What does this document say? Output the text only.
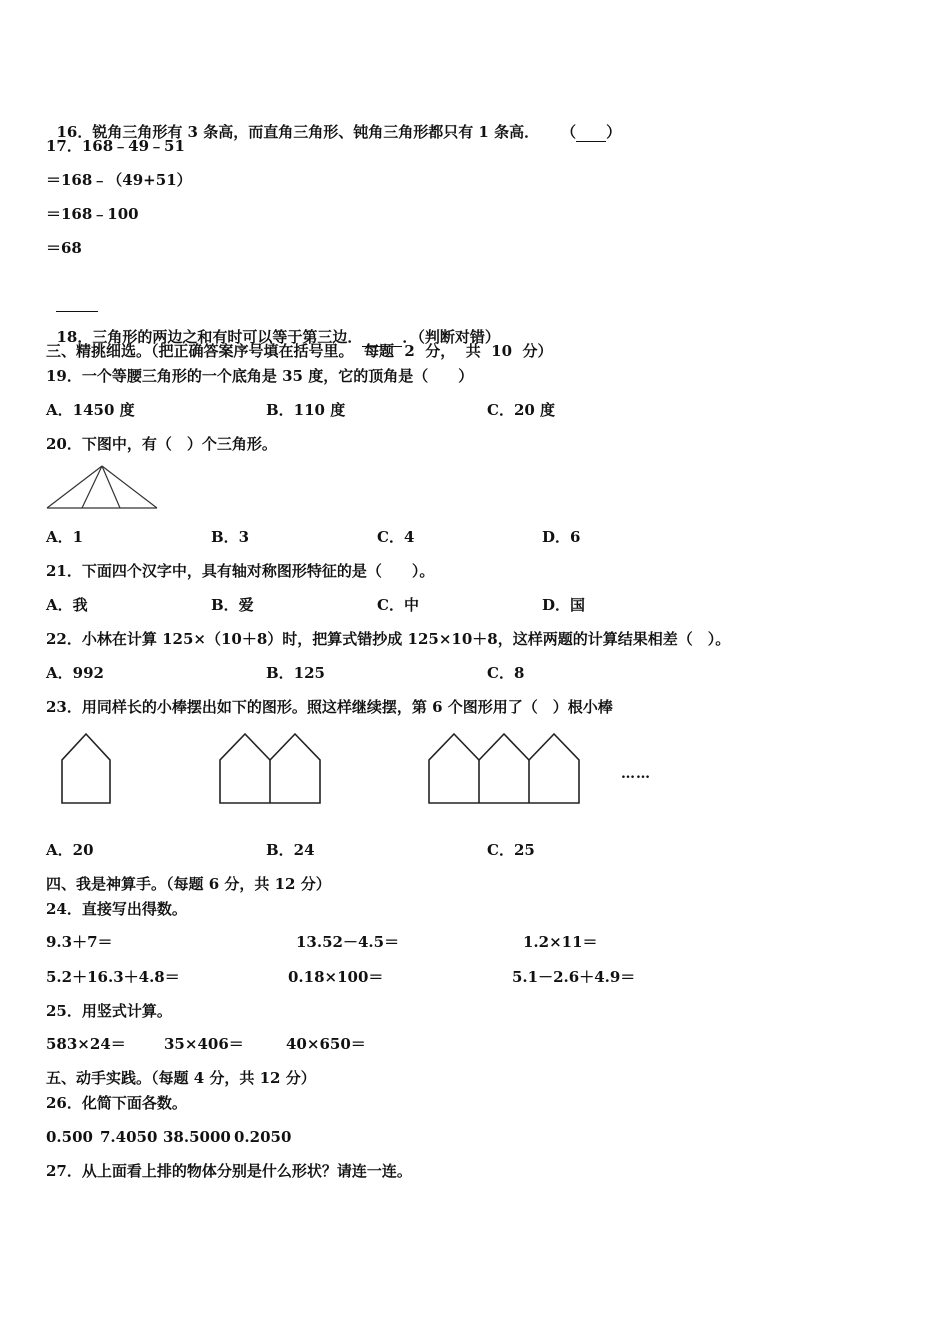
16．锐角三角形有 3 条高，而直角三角形、钝角三角形都只有 1 条高． （ ）

17．168﹣49﹣51
＝168﹣（49+51）
＝168﹣100
＝68

18．三角形的两边之和有时可以等于第三边．	．（判断对错）

三、精挑细选。（把正确答案序号填在括号里。  每题  2  分，  共  10  分）
19．一个等腰三角形的一个底角是 35 度，它的顶角是（　　）
A．1450 度	B．110 度	C．20 度
20．下图中，有（　）个三角形。
A．1	B．3	C．4	D．6
21．下面四个汉字中，具有轴对称图形特征的是（　　）。
A．我	B．爱	C．中	D．国
22．小林在计算 125×（10＋8）时，把算式错抄成 125×10＋8，这样两题的计算结果相差（　）。
A．992	B．125	C．8
23．用同样长的小棒摆出如下的图形。照这样继续摆，第 6 个图形用了（　）根小棒
……
A．20	B．24	C．25
四、我是神算手。（每题 6 分，共 12 分）
24．直接写出得数。
9.3＋7＝	13.52－4.5＝	1.2×11＝
5.2＋16.3＋4.8＝	0.18×100＝	5.1－2.6＋4.9＝
25．用竖式计算。
583×24＝	35×406＝	40×650＝
五、动手实践。（每题 4 分，共 12 分）
26．化简下面各数。
0.500 7.4050 38.5000 0.2050
27．从上面看上排的物体分别是什么形状？请连一连。
